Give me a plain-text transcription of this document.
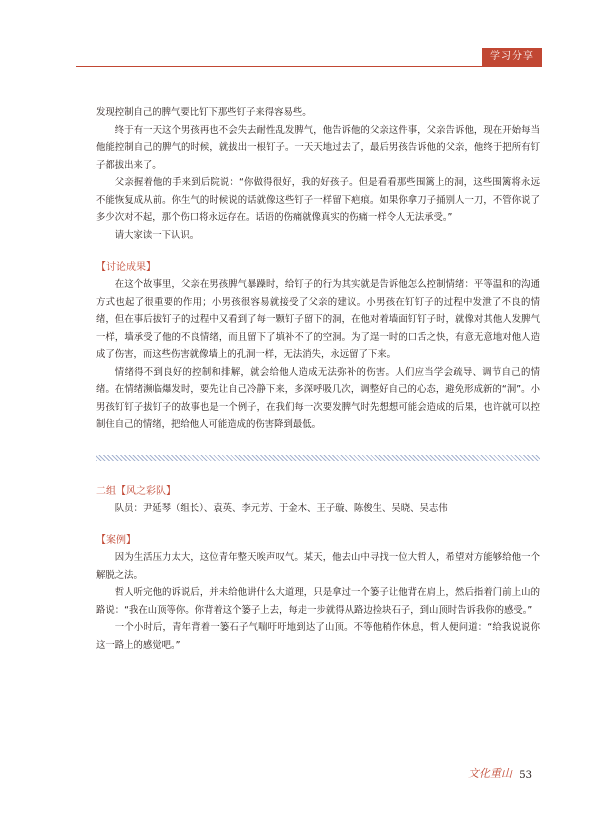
学习分享

发现控制自己的脾气要比钉下那些钉子来得容易些。

终于有一天这个男孩再也不会失去耐性乱发脾气，他告诉他的父亲这件事，父亲告诉他，现在开始每当他能控制自己的脾气的时候，就拔出一根钉子。一天天地过去了，最后男孩告诉他的父亲，他终于把所有钉子都拔出来了。

父亲握着他的手来到后院说：“你做得很好，我的好孩子。但是看看那些围篱上的洞，这些围篱将永远不能恢复成从前。你生气的时候说的话就像这些钉子一样留下疤痕。如果你拿刀子捅别人一刀，不管你说了多少次对不起，那个伤口将永远存在。话语的伤痛就像真实的伤痛一样令人无法承受。”

请大家读一下认识。

【讨论成果】

在这个故事里，父亲在男孩脾气暴躁时，给钉子的行为其实就是告诉他怎么控制情绪：平等温和的沟通方式也起了很重要的作用；小男孩很容易就接受了父亲的建议。小男孩在钉钉子的过程中发泄了不良的情绪，但在事后拔钉子的过程中又看到了每一颗钉子留下的洞，在他对着墙面钉钉子时，就像对其他人发脾气一样，墙承受了他的不良情绪，而且留下了填补不了的空洞。为了逞一时的口舌之快，有意无意地对他人造成了伤害，而这些伤害就像墙上的孔洞一样，无法消失，永远留了下来。

情绪得不到良好的控制和排解，就会给他人造成无法弥补的伤害。人们应当学会疏导、调节自己的情绪。在情绪濒临爆发时，要先让自己冷静下来，多深呼吸几次，调整好自己的心态，避免形成新的“洞”。小男孩钉钉子拔钉子的故事也是一个例子，在我们每一次要发脾气时先想想可能会造成的后果，也许就可以控制住自己的情绪，把给他人可能造成的伤害降到最低。

二组【风之彩队】

队员：尹延琴（组长）、袁英、李元芳、于金木、王子璇、陈俊生、吴晓、吴志伟

【案例】

因为生活压力太大，这位青年整天唉声叹气。某天，他去山中寻找一位大哲人，希望对方能够给他一个解脱之法。

哲人听完他的诉说后，并未给他讲什么大道理，只是拿过一个篓子让他背在肩上，然后指着门前上山的路说：“我在山顶等你。你背着这个篓子上去，每走一步就得从路边捡块石子，到山顶时告诉我你的感受。”

一个小时后，青年背着一篓石子气喘吁吁地到达了山顶。不等他稍作休息，哲人便问道：“给我说说你这一路上的感觉吧。”

文化重山 53
